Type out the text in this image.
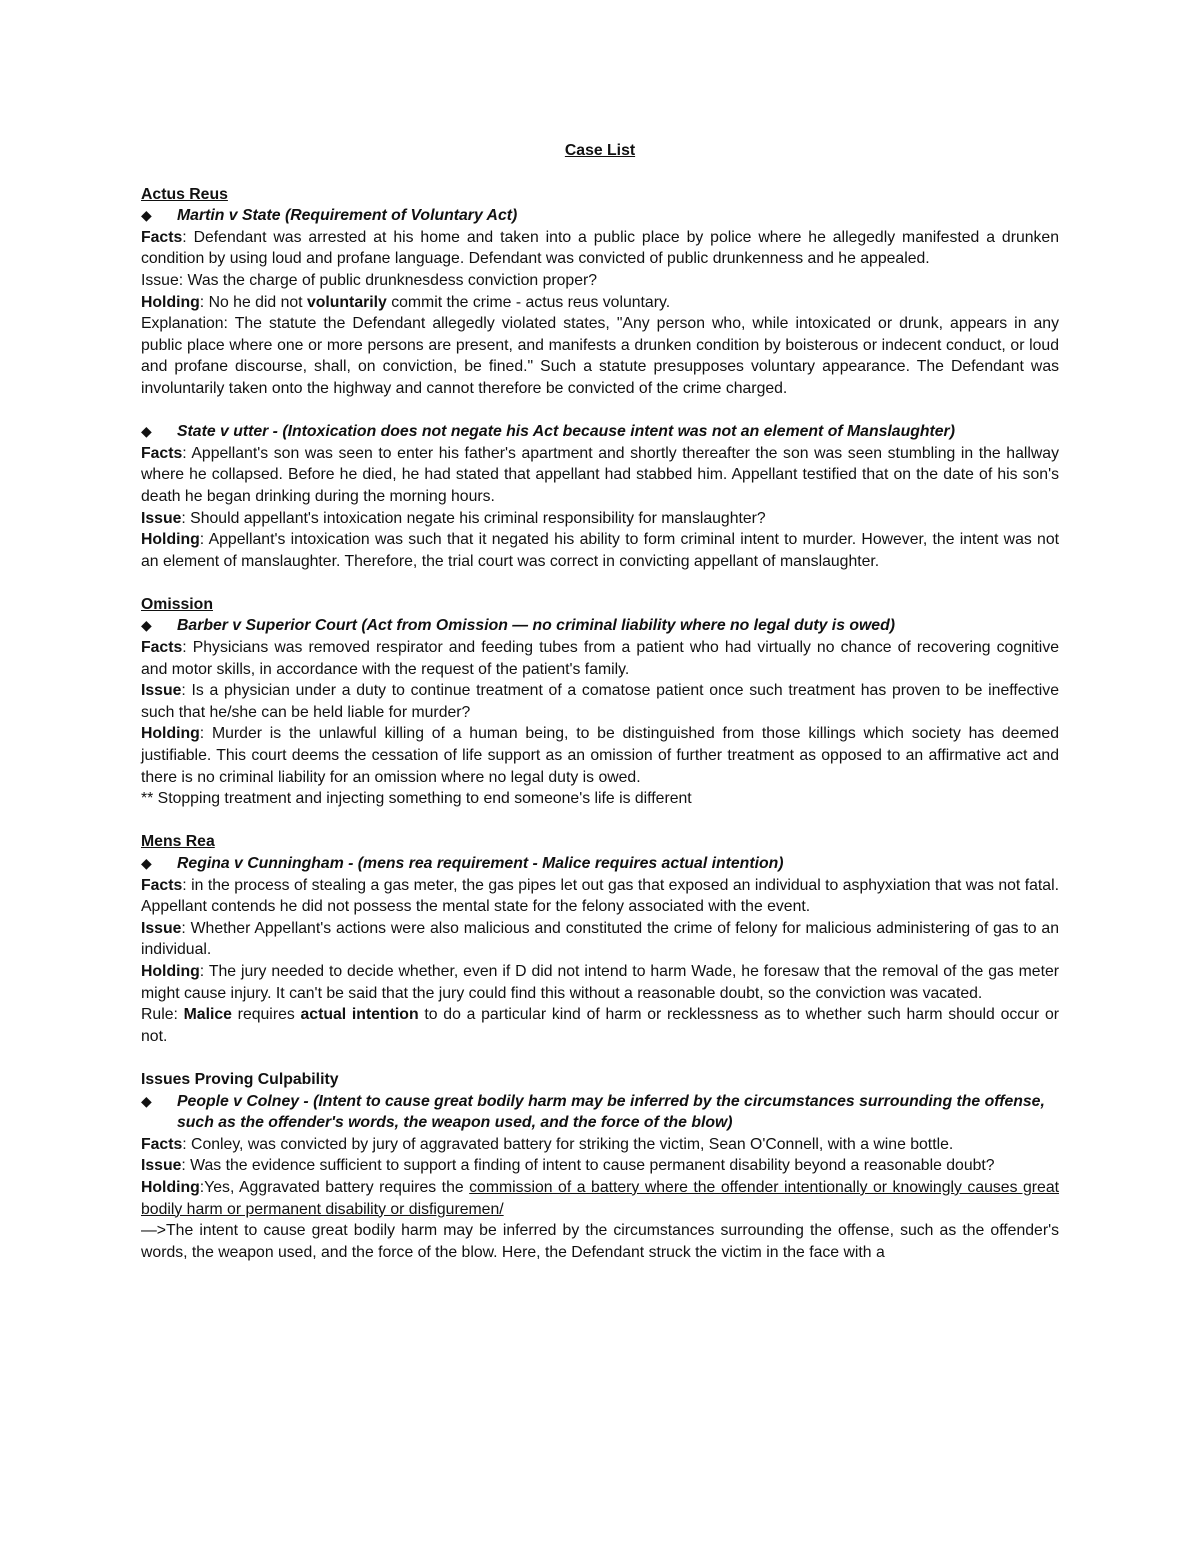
Case List
Actus Reus
◆	Martin v State (Requirement of Voluntary Act)
Facts: Defendant was arrested at his home and taken into a public place by police where he allegedly manifested a drunken condition by using loud and profane language. Defendant was convicted of public drunkenness and he appealed.
Issue: Was the charge of public drunknesdess conviction proper?
Holding: No he did not voluntarily commit the crime - actus reus voluntary.
Explanation: The statute the Defendant allegedly violated states, "Any person who, while intoxicated or drunk, appears in any public place where one or more persons are present, and manifests a drunken condition by boisterous or indecent conduct, or loud and profane discourse, shall, on conviction, be fined." Such a statute presupposes voluntary appearance. The Defendant was involuntarily taken onto the highway and cannot therefore be convicted of the crime charged.
◆	State v utter - (Intoxication does not negate his Act because intent was not an element of Manslaughter)
Facts: Appellant's son was seen to enter his father's apartment and shortly thereafter the son was seen stumbling in the hallway where he collapsed. Before he died, he had stated that appellant had stabbed him. Appellant testified that on the date of his son's death he began drinking during the morning hours.
Issue: Should appellant's intoxication negate his criminal responsibility for manslaughter?
Holding: Appellant's intoxication was such that it negated his ability to form criminal intent to murder. However, the intent was not an element of manslaughter. Therefore, the trial court was correct in convicting appellant of manslaughter.
Omission
◆	Barber v Superior Court (Act from Omission — no criminal liability where no legal duty is owed)
Facts: Physicians was removed respirator and feeding tubes from a patient who had virtually no chance of recovering cognitive and motor skills, in accordance with the request of the patient's family.
Issue: Is a physician under a duty to continue treatment of a comatose patient once such treatment has proven to be ineffective such that he/she can be held liable for murder?
Holding: Murder is the unlawful killing of a human being, to be distinguished from those killings which society has deemed justifiable. This court deems the cessation of life support as an omission of further treatment as opposed to an affirmative act and there is no criminal liability for an omission where no legal duty is owed.
** Stopping treatment and injecting something to end someone's life is different
Mens Rea
◆	Regina v Cunningham - (mens rea requirement - Malice requires actual intention)
Facts: in the process of stealing a gas meter, the gas pipes let out gas that exposed an individual to asphyxiation that was not fatal. Appellant contends he did not possess the mental state for the felony associated with the event.
Issue: Whether Appellant's actions were also malicious and constituted the crime of felony for malicious administering of gas to an individual.
Holding: The jury needed to decide whether, even if D did not intend to harm Wade, he foresaw that the removal of the gas meter might cause injury. It can't be said that the jury could find this without a reasonable doubt, so the conviction was vacated.
Rule: Malice requires actual intention to do a particular kind of harm or recklessness as to whether such harm should occur or not.
Issues Proving Culpability
◆	People v Colney - (Intent to cause great bodily harm may be inferred by the circumstances surrounding the offense, such as the offender's words, the weapon used, and the force of the blow)
Facts: Conley, was convicted by jury of aggravated battery for striking the victim, Sean O'Connell, with a wine bottle.
Issue: Was the evidence sufficient to support a finding of intent to cause permanent disability beyond a reasonable doubt?
Holding:Yes, Aggravated battery requires the commission of a battery where the offender intentionally or knowingly causes great bodily harm or permanent disability or disfiguremen/
—>The intent to cause great bodily harm may be inferred by the circumstances surrounding the offense, such as the offender's words, the weapon used, and the force of the blow. Here, the Defendant struck the victim in the face with a
